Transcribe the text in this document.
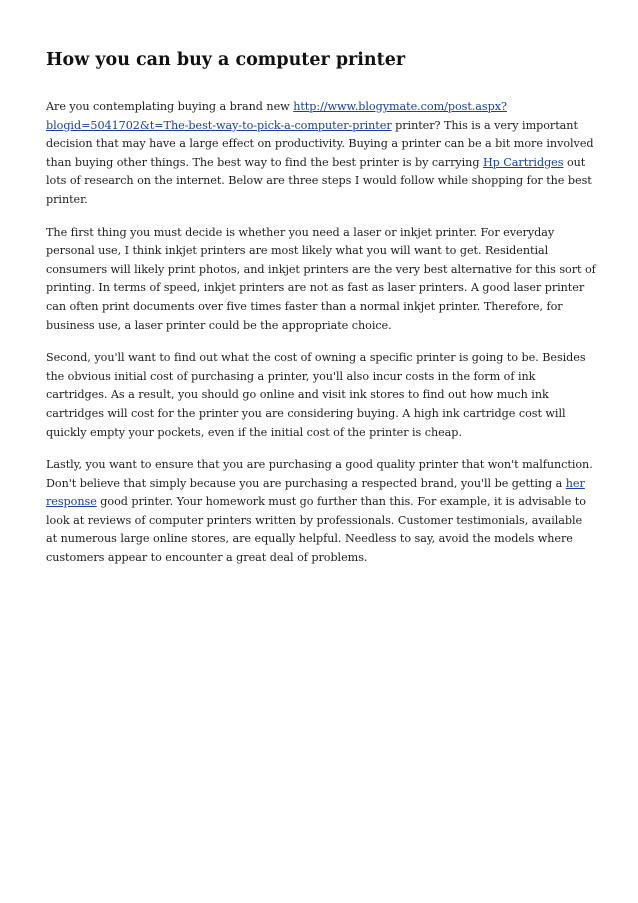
How you can buy a computer printer

Are you contemplating buying a brand new http://www.blogymate.com/post.aspx?blogid=5041702&t=The-best-way-to-pick-a-computer-printer printer? This is a very important decision that may have a large effect on productivity. Buying a printer can be a bit more involved than buying other things. The best way to find the best printer is by carrying Hp Cartridges out lots of research on the internet. Below are three steps I would follow while shopping for the best printer.

The first thing you must decide is whether you need a laser or inkjet printer. For everyday personal use, I think inkjet printers are most likely what you will want to get. Residential consumers will likely print photos, and inkjet printers are the very best alternative for this sort of printing. In terms of speed, inkjet printers are not as fast as laser printers. A good laser printer can often print documents over five times faster than a normal inkjet printer. Therefore, for business use, a laser printer could be the appropriate choice.

Second, you'll want to find out what the cost of owning a specific printer is going to be. Besides the obvious initial cost of purchasing a printer, you'll also incur costs in the form of ink cartridges. As a result, you should go online and visit ink stores to find out how much ink cartridges will cost for the printer you are considering buying. A high ink cartridge cost will quickly empty your pockets, even if the initial cost of the printer is cheap.

Lastly, you want to ensure that you are purchasing a good quality printer that won't malfunction. Don't believe that simply because you are purchasing a respected brand, you'll be getting a her response good printer. Your homework must go further than this. For example, it is advisable to look at reviews of computer printers written by professionals. Customer testimonials, available at numerous large online stores, are equally helpful. Needless to say, avoid the models where customers appear to encounter a great deal of problems.
